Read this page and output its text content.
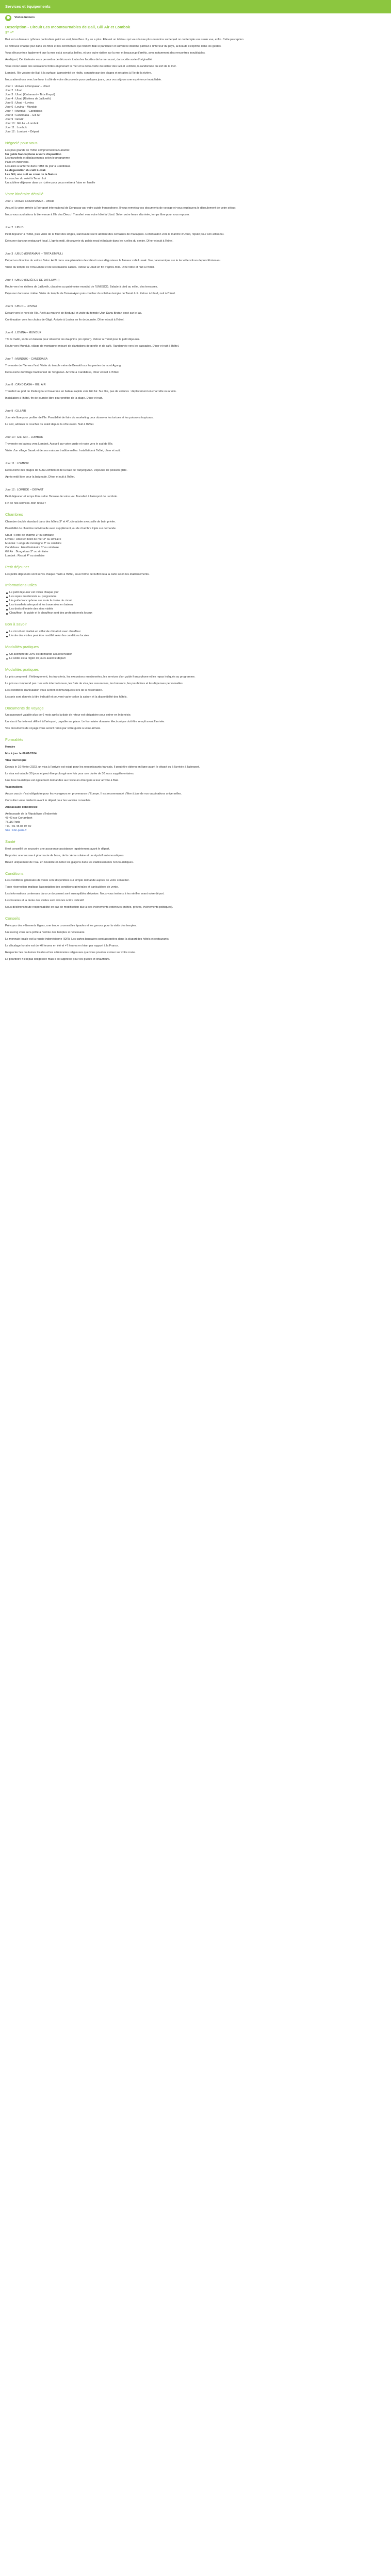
Services et équipements
Visites Indoors
Description - Circuit Les Incontournables de Bali, Gili Air et Lombok
3* +*

Bali est un lieu aux rythmes particuliers peint en vert, bleu fleur. Il y en a plus. Elle est un tableau qui vous laisse plus ou moins sur lequel on contemple une seule vue, enfin. Cette perception

se retrouve chaque jour dans les fêtes et les cérémonies qui rendent Bali si particulier et suivent le dixième partout à l'intérieur du pays, la beauté s'exprime dans les gestes.

Vous découvrirez également que la mer est à son plus belles, et une autre rizière sur la mer et beaucoup d'arrêts, avec notamment des rencontres inoubliables.

Au départ, Cet itinéraire vous permettra de découvrir toutes les facettes de la mer aussi, dans cette sorte d'originalité.

Vous vivrez aussi des sensations fortes en prenant la mer et la découverte du rocher des Gili et Lombok, la randonnée du sort de la mer.

Lombok, l'île voisine de Bali à la surface, à proximité de récifs, conduite par des plages et retraites à l'ile de la rivière.

Nous attendrons avec bonheur à côté de votre découverte pour quelques jours, pour vos séjours une expérience inoubliable.

Jour 1 : Arrivée à Denpasar – Ubud
Jour 2 : Ubud
Jour 3 : Ubud (Kintamani – Tirta Empul)
Jour 4 : Ubud (Rizières de Jatiluwih)
Jour 5 : Ubud – Lovina
Jour 6 : Lovina – Munduk
Jour 7 : Munduk – Candidasa
Jour 8 : Candidasa – Gili Air
Jour 9 : Gili Air
Jour 10 : Gili Air – Lombok
Jour 11 : Lombok
Jour 12 : Lombok – Départ
Négocié pour vous
Les plus grands de l'hôtel comprennent la Garantie:
Un guide francophone à votre disposition
Les transferts et déplacements selon le programme
Pass en Indonésie.
Les ailes à lanterne dans l'effet du jour à Candidasa
La dégustation du café Luwak
Les Gili, une nuit au cœur de la Nature
Le coucher du soleil à Tanah Lot
Un sublime déjeuner dans un rizière pour vous mettre à l'aise en famille
Votre itinéraire détaillé

Jour 1 : Arrivée à DENPASAR – UBUD

Accueil à votre arrivée à l'aéroport international de Denpasar par votre guide francophone. Il vous remettra vos documents de voyage et vous expliquera le déroulement de votre séjour.

Nous vous souhaitons la bienvenue à l'île des Dieux ! Transfert vers votre hôtel à Ubud. Selon votre heure d'arrivée, temps libre pour vous reposer.

Jour 2 : UBUD

Petit déjeuner à l'hôtel, puis visite de la forêt des singes, sanctuaire sacré abritant des centaines de macaques. Continuation vers le marché d'Ubud, réputé pour son artisanat.

Déjeuner dans un restaurant local. L'après-midi, découverte du palais royal et balade dans les ruelles du centre. Dîner et nuit à l'hôtel.

Jour 3 : UBUD (KINTAMANI – TIRTA EMPUL)

Départ en direction du volcan Batur. Arrêt dans une plantation de café où vous dégusterez le fameux café Luwak. Vue panoramique sur le lac et le volcan depuis Kintamani.

Visite du temple de Tirta Empul et de ses bassins sacrés. Retour à Ubud en fin d'après-midi. Dîner libre et nuit à l'hôtel.

Jour 4 : UBUD (RIZIÈRES DE JATILUWIH)

Route vers les rizières de Jatiluwih, classées au patrimoine mondial de l'UNESCO. Balade à pied au milieu des terrasses.

Déjeuner dans une rizière. Visite du temple de Taman Ayun puis coucher du soleil au temple de Tanah Lot. Retour à Ubud, nuit à l'hôtel.

Jour 5 : UBUD – LOVINA

Départ vers le nord de l'île. Arrêt au marché de Bedugul et visite du temple Ulun Danu Bratan posé sur le lac.

Continuation vers les chutes de Gitgit. Arrivée à Lovina en fin de journée. Dîner et nuit à l'hôtel.

Jour 6 : LOVINA – MUNDUK

Tôt le matin, sortie en bateau pour observer les dauphins (en option). Retour à l'hôtel pour le petit déjeuner.

Route vers Munduk, village de montagne entouré de plantations de girofle et de café. Randonnée vers les cascades. Dîner et nuit à l'hôtel.

Jour 7 : MUNDUK – CANDIDASA

Traversée de l'île vers l'est. Visite du temple mère de Besakih sur les pentes du mont Agung.

Découverte du village traditionnel de Tenganan. Arrivée à Candidasa, dîner et nuit à l'hôtel.

Jour 8 : CANDIDASA – GILI AIR

Transfert au port de Padangbai et traversée en bateau rapide vers Gili Air. Sur l'île, pas de voitures : déplacement en charrette ou à vélo.

Installation à l'hôtel, fin de journée libre pour profiter de la plage. Dîner et nuit.

Jour 9 : GILI AIR

Journée libre pour profiter de l'île. Possibilité de faire du snorkeling pour observer les tortues et les poissons tropicaux.

Le soir, admirez le coucher du soleil depuis la côte ouest. Nuit à l'hôtel.

Jour 10 : GILI AIR – LOMBOK

Traversée en bateau vers Lombok. Accueil par votre guide et route vers le sud de l'île.

Visite d'un village Sasak et de ses maisons traditionnelles. Installation à l'hôtel, dîner et nuit.

Jour 11 : LOMBOK

Découverte des plages de Kuta Lombok et de la baie de Tanjung Aan. Déjeuner de poisson grillé.

Après-midi libre pour la baignade. Dîner et nuit à l'hôtel.

Jour 12 : LOMBOK – DÉPART

Petit déjeuner et temps libre selon l'horaire de votre vol. Transfert à l'aéroport de Lombok.

Fin de nos services. Bon retour !

Chambres

Chambre double standard dans des hôtels 3* et 4*, climatisée avec salle de bain privée.

Possibilité de chambre individuelle avec supplément, ou de chambre triple sur demande.

Ubud : Hôtel de charme 3* ou similaire
Lovina : Hôtel en bord de mer 3* ou similaire
Munduk : Lodge de montagne 3* ou similaire
Candidasa : Hôtel balnéaire 3* ou similaire
Gili Air : Bungalows 3* ou similaire
Lombok : Resort 4* ou similaire
Petit déjeuner

Les petits déjeuners sont servis chaque matin à l'hôtel, sous forme de buffet ou à la carte selon les établissements.

Informations utiles
Le petit déjeuner est inclus chaque jour
Les repas mentionnés au programme
Un guide francophone sur toute la durée du circuit
Les transferts aéroport et les traversées en bateau
Les droits d'entrée des sites visités
Chauffeur : le guide et le chauffeur sont des professionnels locaux
Bon à savoir
Le circuit est réalisé en véhicule climatisé avec chauffeur
L'ordre des visites peut être modifié selon les conditions locales
Modalités pratiques
Un acompte de 30% est demandé à la réservation
Le solde est à régler 30 jours avant le départ
Modalités pratiques

Le prix comprend : l'hébergement, les transferts, les excursions mentionnées, les services d'un guide francophone et les repas indiqués au programme.

Le prix ne comprend pas : les vols internationaux, les frais de visa, les assurances, les boissons, les pourboires et les dépenses personnelles.

Les conditions d'annulation vous seront communiquées lors de la réservation.

Les prix sont donnés à titre indicatif et peuvent varier selon la saison et la disponibilité des hôtels.

Documents de voyage

Un passeport valable plus de 6 mois après la date de retour est obligatoire pour entrer en Indonésie.

Un visa à l'arrivée est délivré à l'aéroport, payable sur place. Le formulaire douanier électronique doit être rempli avant l'arrivée.

Vos documents de voyage vous seront remis par votre guide à votre arrivée.

Formalités

Horaire

Mis à jour le 02/01/2024

Visa touristique

Depuis le 10 février 2023, un visa à l'arrivée est exigé pour les ressortissants français. Il peut être obtenu en ligne avant le départ ou à l'arrivée à l'aéroport.

Le visa est valable 30 jours et peut être prolongé une fois pour une durée de 30 jours supplémentaires.

Une taxe touristique est également demandée aux visiteurs étrangers à leur arrivée à Bali.

Vaccinations

Aucun vaccin n'est obligatoire pour les voyageurs en provenance d'Europe. Il est recommandé d'être à jour de vos vaccinations universelles.

Consultez votre médecin avant le départ pour les vaccins conseillés.

Ambassade d'Indonésie

Ambassade de la République d'Indonésie
47-49 rue Cortambert
75116 Paris
Tél. : 01 45 03 07 60
Site : kbri-paris.fr
Santé

Il est conseillé de souscrire une assurance assistance rapatriement avant le départ.

Emportez une trousse à pharmacie de base, de la crème solaire et un répulsif anti-moustiques.

Buvez uniquement de l'eau en bouteille et évitez les glaçons dans les établissements non touristiques.

Conditions

Les conditions générales de vente sont disponibles sur simple demande auprès de votre conseiller.

Toute réservation implique l'acceptation des conditions générales et particulières de vente.

Les informations contenues dans ce document sont susceptibles d'évoluer. Nous vous invitons à les vérifier avant votre départ.

Les horaires et la durée des visites sont donnés à titre indicatif.

Nous déclinons toute responsabilité en cas de modification due à des événements extérieurs (météo, grèves, événements politiques).

Conseils

Prévoyez des vêtements légers, une tenue couvrant les épaules et les genoux pour la visite des temples.

Un sarong vous sera prêté à l'entrée des temples si nécessaire.

La monnaie locale est la roupie indonésienne (IDR). Les cartes bancaires sont acceptées dans la plupart des hôtels et restaurants.

Le décalage horaire est de +6 heures en été et +7 heures en hiver par rapport à la France.

Respectez les coutumes locales et les cérémonies religieuses que vous pourriez croiser sur votre route.

Le pourboire n'est pas obligatoire mais il est apprécié pour les guides et chauffeurs.
